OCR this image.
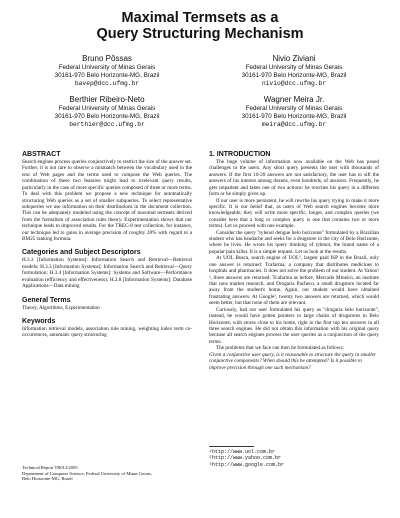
Maximal Termsets as a
Query Structuring Mechanism
Bruno Pôssas
Federal University of Minas Gerais
30161-970 Belo Horizonte-MG, Brazil
bavep@dcc.ufmg.br
Nivio Ziviani
Federal University of Minas Gerais
30161-970 Belo Horizonte-MG, Brazil
nivio@dcc.ufmg.br
Berthier Ribeiro-Neto
Federal University of Minas Gerais
30161-970 Belo Horizonte-MG, Brazil
berthier@dcc.ufmg.br
Wagner Meira Jr.
Federal University of Minas Gerais
30161-970 Belo Horizonte-MG, Brazil
meira@dcc.ufmg.br

ABSTRACT

Search engines process queries conjunctively to restrict the size of the answer set. Further, it is not rare to observe a mismatch between the vocabulary used in the text of Web pages and the terms used to compose the Web queries. The combination of these two features might lead to irrelevant query results, particularly in the case of more specific queries composed of three or more terms. To deal with this problem we propose a new technique for automatically structuring Web queries as a set of smaller subqueries. To select representative subqueries we use information on their distributions in the document collection. This can be adequately modeled using the concept of maximal termsets derived from the formalism of association rules theory. Experimentation shows that our technique leads to improved results. For the TREC-8 test collection, for instance, our technique led to gains in average precision of roughly 28% with regard to a BM25 ranking formula.

Categories and Subject Descriptors

H.3.3 [Information Systems]: Information Search and Retrieval—Retrieval models; H.3.3 [Information Systems]: Information Search and Retrieval—Query formulation; H.3.4 [Information Systems]: Systems and Software—Performance evaluation (efficiency and effectiveness); H.2.8 [Information Systems]: Database Applications—Data mining

General Terms

Theory, Algorithms, Experimentation

Keywords

Information retrieval models, association rule mining, weighting index term co-occurrences, automatic query structuring

Technical Report TR012/2005
Department of Computer Science, Federal University of Minas Gerais,
Belo Horizonte-MG, Brazil

1. INTRODUCTION

The huge volume of information now available on the Web has posed challenges to the users. Any short query presents the user with thousands of answers. If the first 10-20 answers are not satisfactory, the user has to sift the answers of his interest among dozens, even hundreds, of answers. Frequently, he gets impatient and takes one of two actions: he rewrites his query in a different form or he simply gives up.

If our user is more persistent, he will rewrite his query trying to make it more specific. It is our belief that, as users of Web search engines become more knowledgeable, they will write more specific, longer, and complex queries (we consider here that a long or complex query is one that contains two or more terms). Let us proceed with one example.

Consider the query "tylenol dengue belo horizonte" formulated by a Brazilian student who has headache and seeks for a drugstore in the city of Belo Horizonte, where he lives. He wrote his query thinking of tylenol, the brand name of a popular pain killer. It is a simple request. Let us look at the results.

At UOL Busca, search engine of UOL¹, largest paid ISP in the Brazil, only one answer is returned: Tcafarma, a company that distributes medicines to hospitals and pharmacies. It does not solve the problem of our student. At Yahoo!², three answers are returned: Tcafarma as before, Mercado Mineiro, an institute that runs market research, and Drogaria Pacheco, a small drugstore located far away from the student's home. Again, our student would have obtained frustrating answers. At Google³, twenty two answers are returned, which would seem better, but that none of them are relevant.

Curiously, had our user formulated his query as "drogaria belo horizonte", instead, he would have gotten pointers to large chains of drugstores in Belo Horizonte, with stores close to his home, right in the first top ten answers in all three search engines. He did not obtain this information with his original query because all search engines process the user queries as a conjunction of the query terms.

The problems that we face can then be formulated as follows:

Given a conjunctive user query, is it reasonable to structure the query in smaller conjunctive components? When should this be attempted? Is it possible to improve precision through one such mechanism?

¹http://www.uol.com.br
²http://www.yahoo.com.br
³http://www.google.com.br
